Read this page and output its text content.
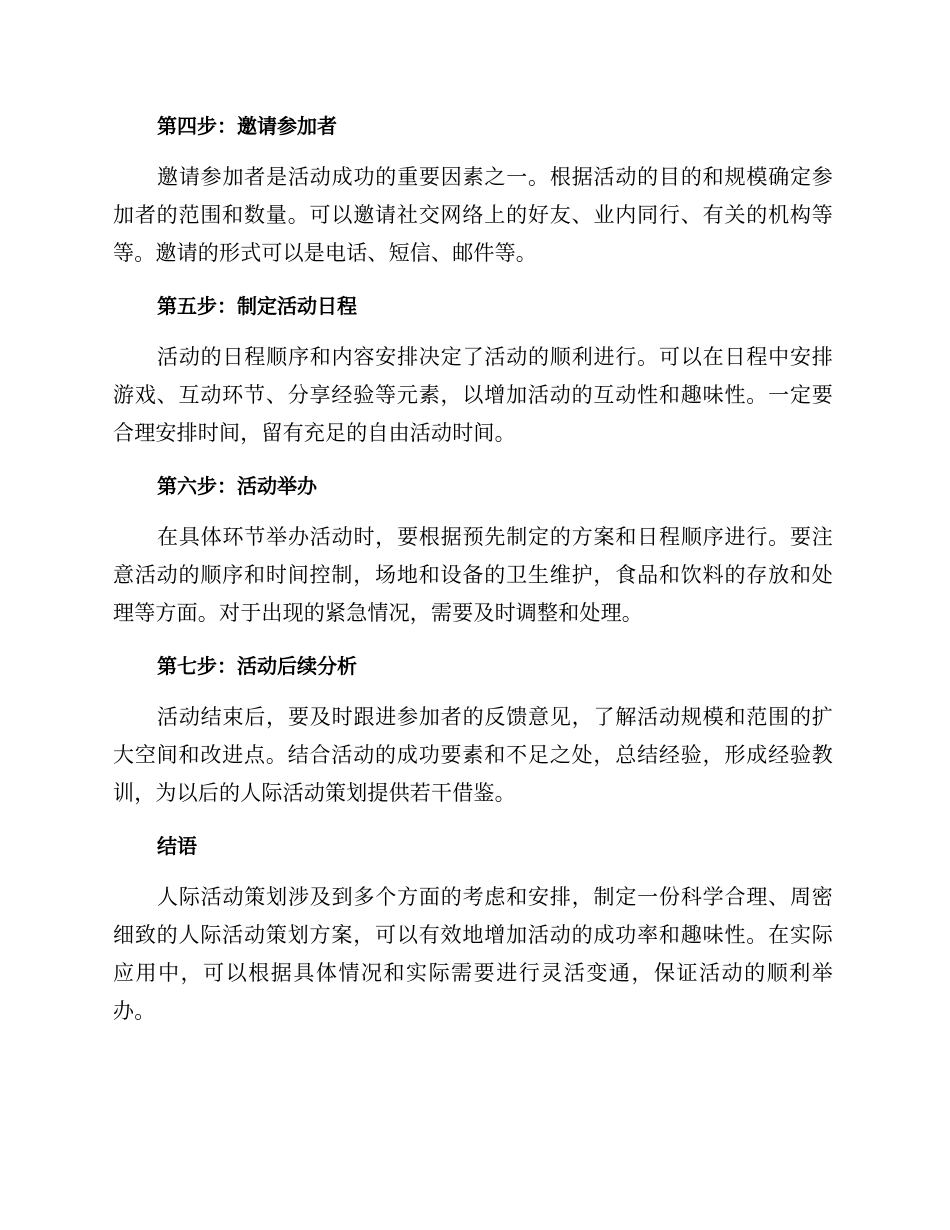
第四步：邀请参加者

邀请参加者是活动成功的重要因素之一。根据活动的目的和规模确定参加者的范围和数量。可以邀请社交网络上的好友、业内同行、有关的机构等等。邀请的形式可以是电话、短信、邮件等。

第五步：制定活动日程

活动的日程顺序和内容安排决定了活动的顺利进行。可以在日程中安排游戏、互动环节、分享经验等元素，以增加活动的互动性和趣味性。一定要合理安排时间，留有充足的自由活动时间。

第六步：活动举办

在具体环节举办活动时，要根据预先制定的方案和日程顺序进行。要注意活动的顺序和时间控制，场地和设备的卫生维护，食品和饮料的存放和处理等方面。对于出现的紧急情况，需要及时调整和处理。

第七步：活动后续分析

活动结束后，要及时跟进参加者的反馈意见，了解活动规模和范围的扩大空间和改进点。结合活动的成功要素和不足之处，总结经验，形成经验教训，为以后的人际活动策划提供若干借鉴。

结语

人际活动策划涉及到多个方面的考虑和安排，制定一份科学合理、周密细致的人际活动策划方案，可以有效地增加活动的成功率和趣味性。在实际应用中，可以根据具体情况和实际需要进行灵活变通，保证活动的顺利举办。
